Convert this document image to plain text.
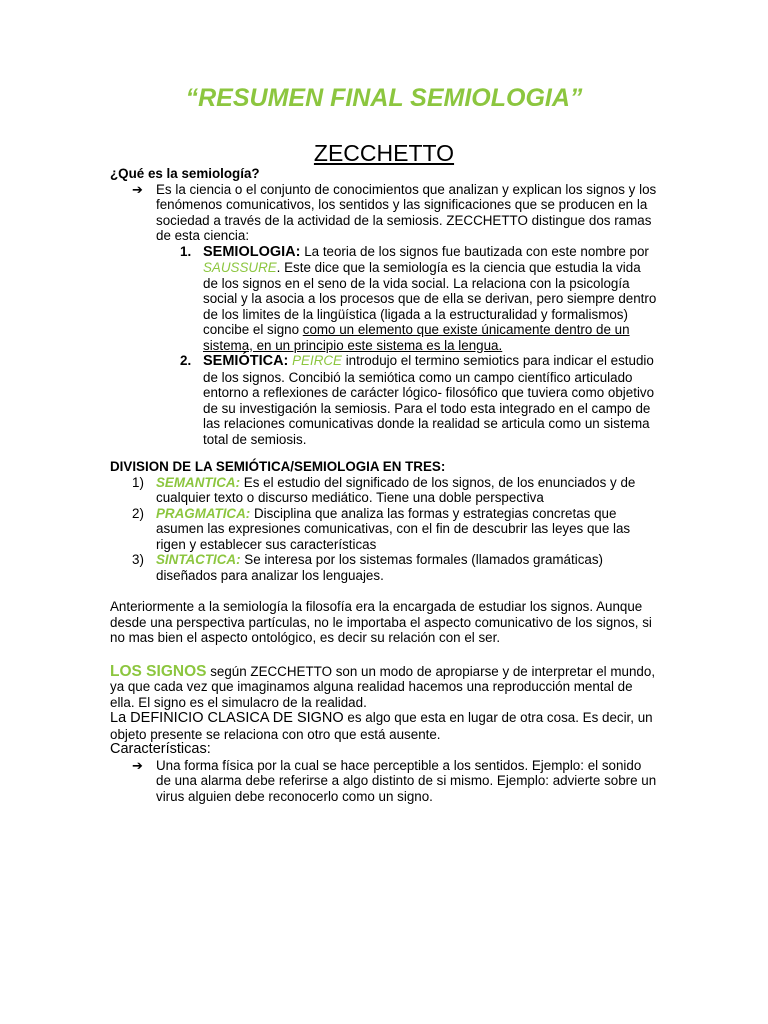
“RESUMEN FINAL SEMIOLOGIA”
ZECCHETTO

¿Qué es la semiología?

➔ Es la ciencia o el conjunto de conocimientos que analizan y explican los signos y los fenómenos comunicativos, los sentidos y las significaciones que se producen en la sociedad a través de la actividad de la semiosis. ZECCHETTO distingue dos ramas de esta ciencia:

1. SEMIOLOGIA: La teoria de los signos fue bautizada con este nombre por SAUSSURE. Este dice que la semiología es la ciencia que estudia la vida de los signos en el seno de la vida social. La relaciona con la psicología social y la asocia a los procesos que de ella se derivan, pero siempre dentro de los limites de la lingüística (ligada a la estructuralidad y formalismos) concibe el signo como un elemento que existe únicamente dentro de un sistema, en un principio este sistema es la lengua.

2. SEMIÓTICA: PEIRCE introdujo el termino semiotics para indicar el estudio de los signos. Concibió la semiótica como un campo científico articulado entorno a reflexiones de carácter lógico- filosófico que tuviera como objetivo de su investigación la semiosis. Para el todo esta integrado en el campo de las relaciones comunicativas donde la realidad se articula como un sistema total de semiosis.

DIVISION DE LA SEMIÓTICA/SEMIOLOGIA EN TRES:

1) SEMANTICA: Es el estudio del significado de los signos, de los enunciados y de cualquier texto o discurso mediático. Tiene una doble perspectiva

2) PRAGMATICA: Disciplina que analiza las formas y estrategias concretas que asumen las expresiones comunicativas, con el fin de descubrir las leyes que las rigen y establecer sus características

3) SINTACTICA: Se interesa por los sistemas formales (llamados gramáticas) diseñados para analizar los lenguajes.

Anteriormente a la semiología la filosofía era la encargada de estudiar los signos. Aunque desde una perspectiva partículas, no le importaba el aspecto comunicativo de los signos, si no mas bien el aspecto ontológico, es decir su relación con el ser.

LOS SIGNOS según ZECCHETTO son un modo de apropiarse y de interpretar el mundo, ya que cada vez que imaginamos alguna realidad hacemos una reproducción mental de ella. El signo es el simulacro de la realidad.

La DEFINICIO CLASICA DE SIGNO es algo que esta en lugar de otra cosa. Es decir, un objeto presente se relaciona con otro que está ausente.

Características:

➔ Una forma física por la cual se hace perceptible a los sentidos. Ejemplo: el sonido de una alarma debe referirse a algo distinto de si mismo. Ejemplo: advierte sobre un virus alguien debe reconocerlo como un signo.
